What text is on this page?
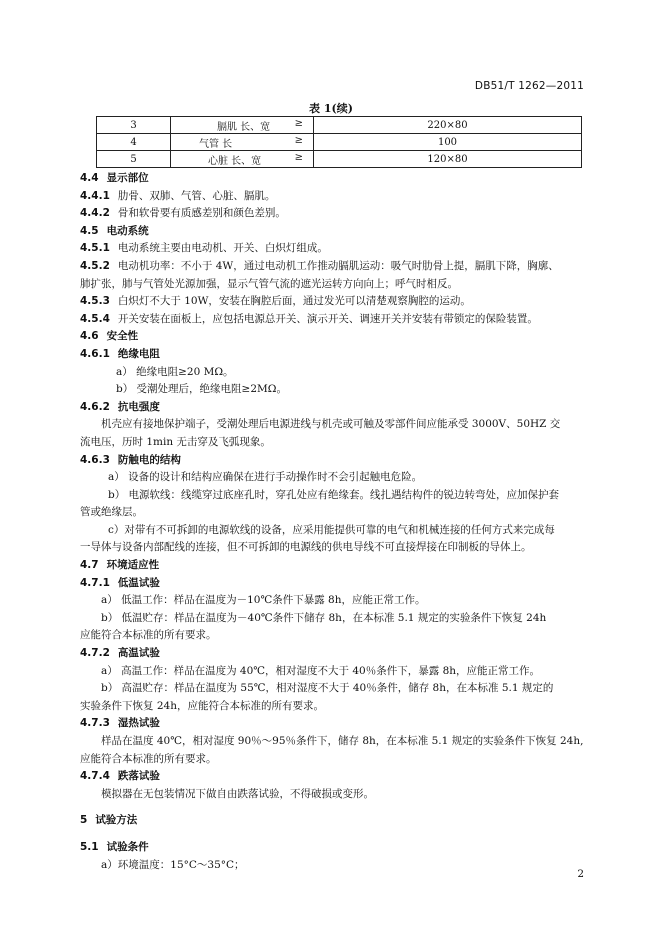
DB51/T 1262—2011
表 1(续)
3	膈肌 长、宽 ≥	220×80
4	气管 长 ≥	100
5	心脏 长、宽 ≥	120×80
4.4 显示部位
4.4.1 肋骨、双肺、气管、心脏、膈肌。
4.4.2 骨和软骨要有质感差别和颜色差别。
4.5 电动系统
4.5.1 电动系统主要由电动机、开关、白炽灯组成。
4.5.2 电动机功率：不小于 4W，通过电动机工作推动膈肌运动：吸气时肋骨上提，膈肌下降，胸廓、
肺扩张，肺与气管处光源加强，显示气管气流的遮光运转方向向上；呼气时相反。
4.5.3 白炽灯不大于 10W，安装在胸腔后面，通过发光可以清楚观察胸腔的运动。
4.5.4 开关安装在面板上，应包括电源总开关、演示开关、调速开关并安装有带锁定的保险装置。
4.6 安全性
4.6.1 绝缘电阻
a） 绝缘电阻≥20 MΩ。
b） 受潮处理后，绝缘电阻≥2MΩ。
4.6.2 抗电强度
机壳应有接地保护端子，受潮处理后电源进线与机壳或可触及零部件间应能承受 3000V、50HZ 交
流电压，历时 1min 无击穿及飞弧现象。
4.6.3 防触电的结构
a） 设备的设计和结构应确保在进行手动操作时不会引起触电危险。
b） 电源软线：线缆穿过底座孔时，穿孔处应有绝缘套。线扎遇结构件的锐边转弯处，应加保护套
管或绝缘层。
c）对带有不可拆卸的电源软线的设备，应采用能提供可靠的电气和机械连接的任何方式来完成每
一导体与设备内部配线的连接，但不可拆卸的电源线的供电导线不可直接焊接在印制板的导体上。
4.7 环境适应性
4.7.1 低温试验
a） 低温工作：样品在温度为－10℃条件下暴露 8h，应能正常工作。
b） 低温贮存：样品在温度为－40℃条件下储存 8h，在本标准 5.1 规定的实验条件下恢复 24h
应能符合本标准的所有要求。
4.7.2 高温试验
a） 高温工作：样品在温度为 40℃，相对湿度不大于 40％条件下，暴露 8h，应能正常工作。
b） 高温贮存：样品在温度为 55℃，相对湿度不大于 40％条件，储存 8h，在本标准 5.1 规定的
实验条件下恢复 24h，应能符合本标准的所有要求。
4.7.3 湿热试验
样品在温度 40℃，相对湿度 90％～95％条件下，储存 8h，在本标准 5.1 规定的实验条件下恢复 24h,
应能符合本标准的所有要求。
4.7.4 跌落试验
模拟器在无包装情况下做自由跌落试验，不得破损或变形。
5 试验方法
5.1 试验条件
a）环境温度：15°C～35°C；
2
